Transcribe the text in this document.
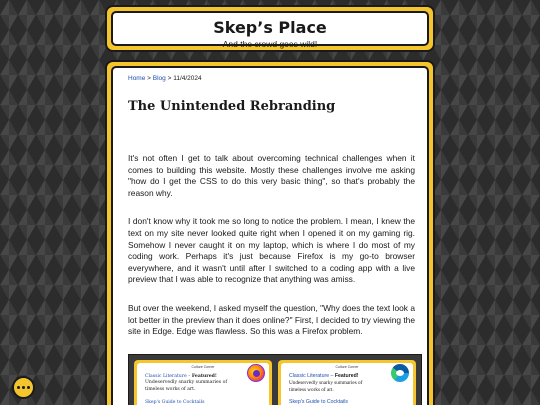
Skep’s Place
And the crowd goes wild!
Home > Blog > 11/4/2024
The Unintended Rebranding

It's not often I get to talk about overcoming technical challenges when it comes to building this website. Mostly these challenges involve me asking "how do I get the CSS to do this very basic thing", so that's probably the reason why.

I don't know why it took me so long to notice the problem. I mean, I knew the text on my site never looked quite right when I opened it on my gaming rig. Somehow I never caught it on my laptop, which is where I do most of my coding work. Perhaps it's just because Firefox is my go-to browser everywhere, and it wasn't until after I switched to a coding app with a live preview that I was able to recognize that anything was amiss.

But over the weekend, I asked myself the question, "Why does the text look a lot better in the preview than it does online?" First, I decided to try viewing the site in Edge. Edge was flawless. So this was a Firefox problem.

Culture Corner
Classic Literature – Featured!
Undeservedly snarky summaries of timeless works of art.
Skep's Guide to Cocktails
Culture Corner
Classic Literature – Featured!
Undeservedly snarky summaries of timeless works of art.
Skep's Guide to Cocktails
